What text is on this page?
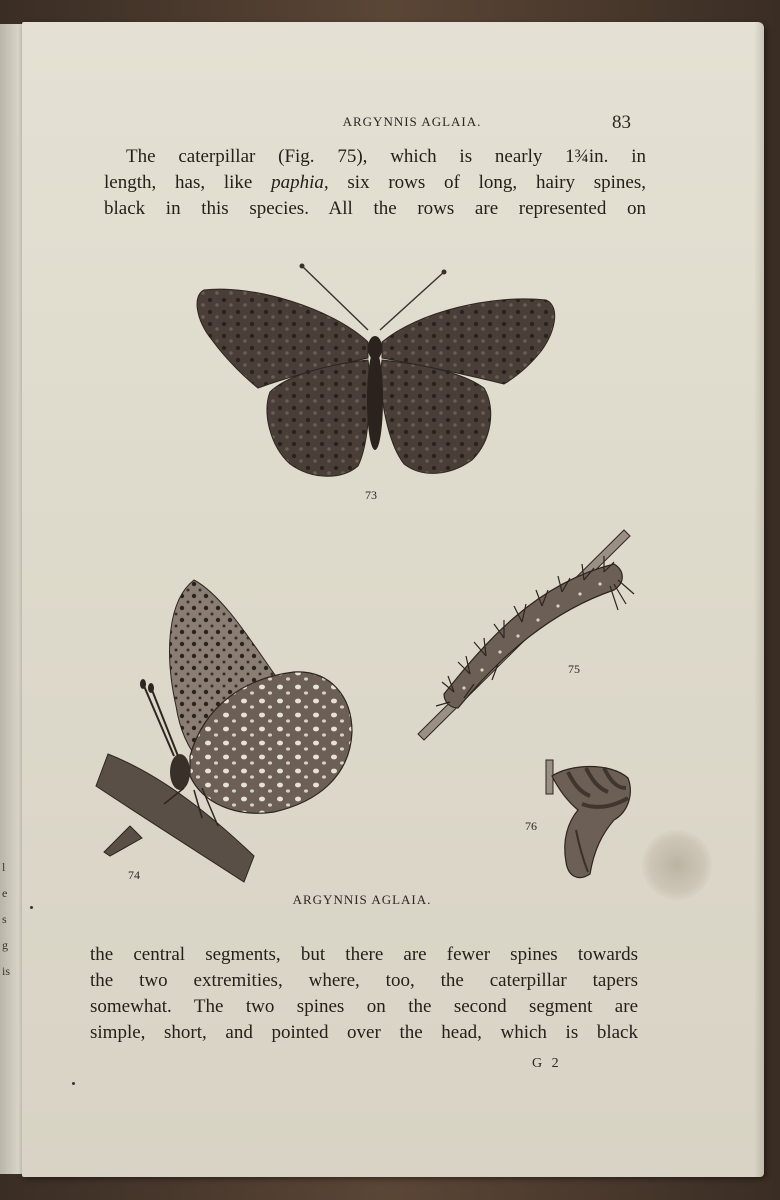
l
e
s
g
is
ARGYNNIS AGLAIA.	83

The caterpillar (Fig. 75), which is nearly 1¾in. in
length, has, like paphia, six rows of long, hairy spines,
black in this species. All the rows are represented on

73
74
75
76
ARGYNNIS AGLAIA.

the central segments, but there are fewer spines towards
the two extremities, where, too, the caterpillar tapers
somewhat. The two spines on the second segment are
simple, short, and pointed over the head, which is black

G 2
